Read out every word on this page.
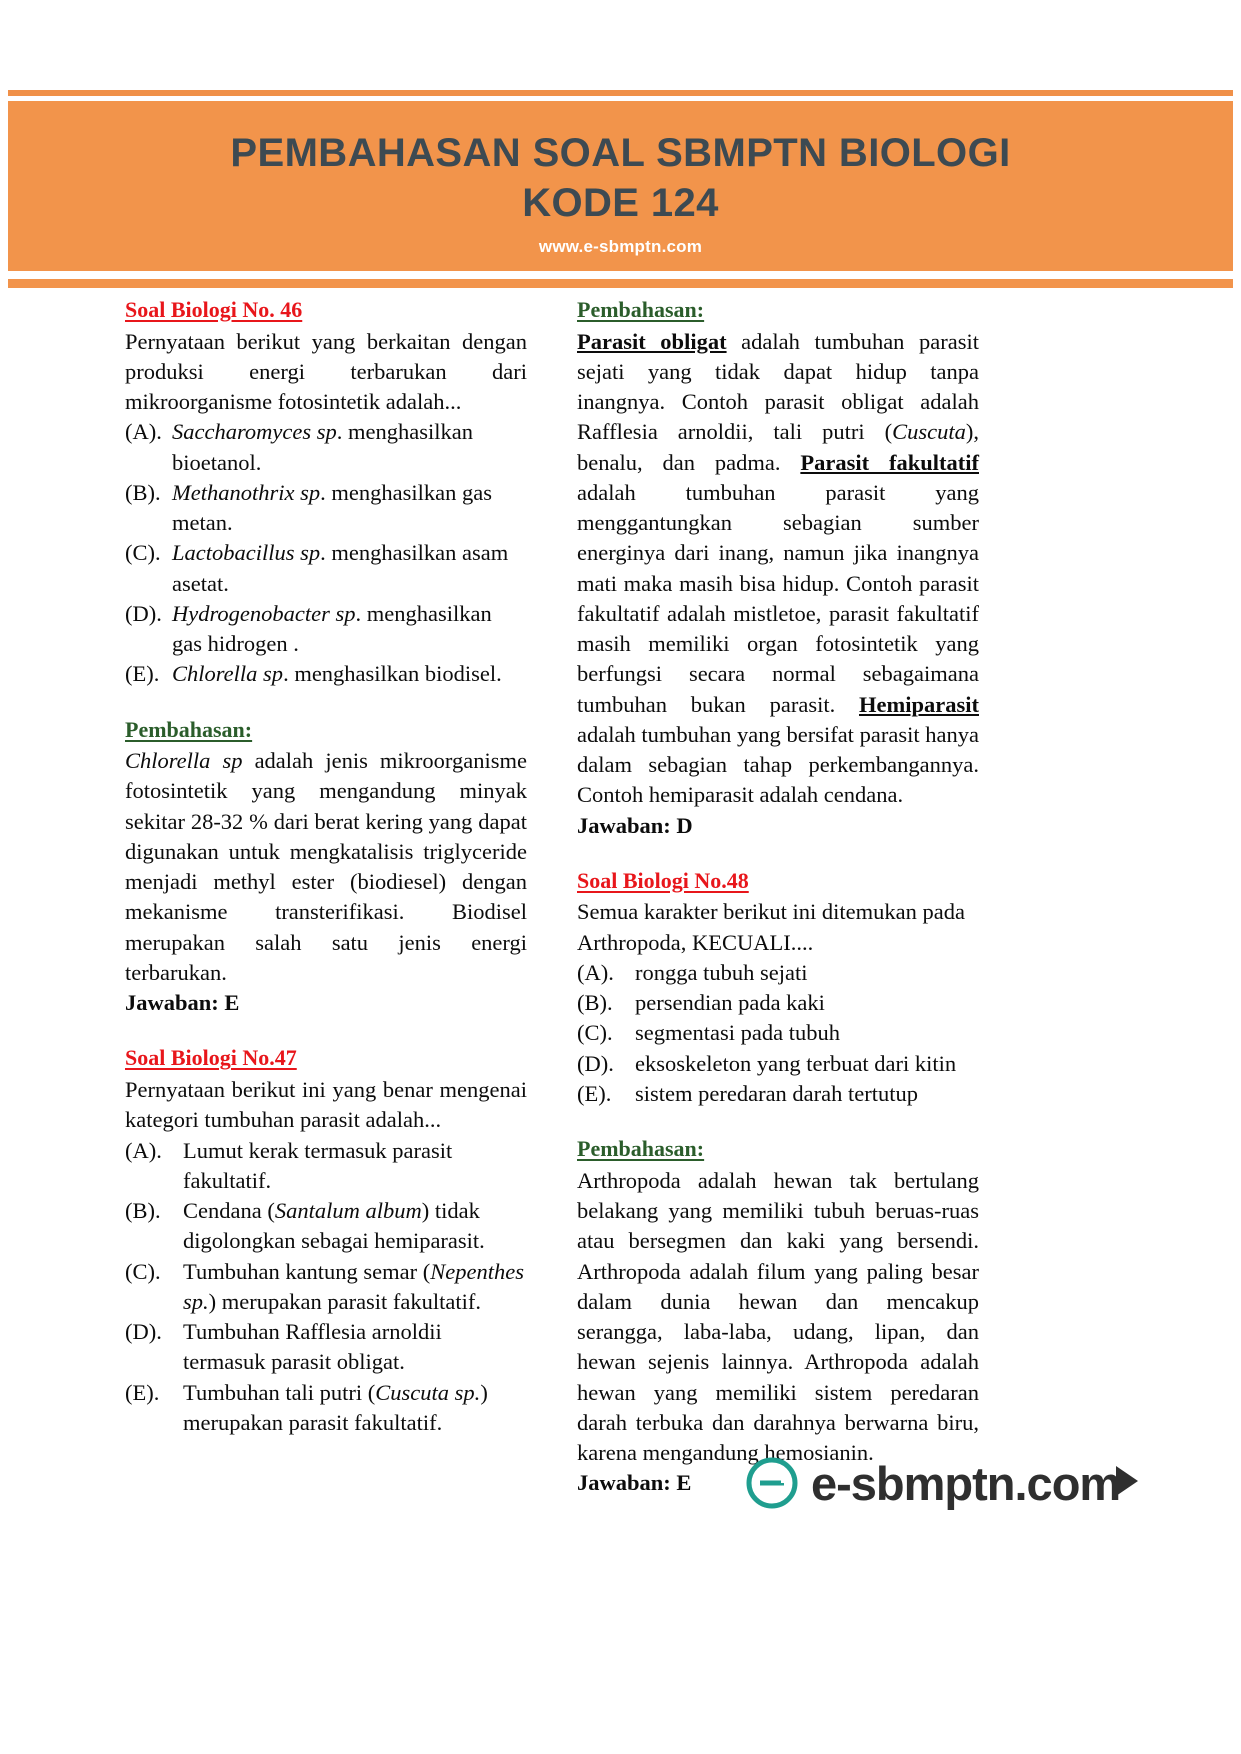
PEMBAHASAN SOAL SBMPTN BIOLOGI
KODE 124
www.e-sbmptn.com
Soal Biologi No. 46

Pernyataan berikut yang berkaitan dengan produksi energi terbarukan dari mikroorganisme fotosintetik adalah...

(A). Saccharomyces sp. menghasilkan bioetanol.
(B). Methanothrix sp. menghasilkan gas metan.
(C). Lactobacillus sp. menghasilkan asam asetat.
(D). Hydrogenobacter sp. menghasilkan gas hidrogen .
(E). Chlorella sp. menghasilkan biodisel.
Pembahasan:

Chlorella sp adalah jenis mikroorganisme fotosintetik yang mengandung minyak sekitar 28-32 % dari berat kering yang dapat digunakan untuk mengkatalisis triglyceride menjadi methyl ester (biodiesel) dengan mekanisme transterifikasi. Biodisel merupakan salah satu jenis energi terbarukan.

Jawaban: E

Soal Biologi No.47

Pernyataan berikut ini yang benar mengenai kategori tumbuhan parasit adalah...

(A). Lumut kerak termasuk parasit fakultatif.
(B). Cendana (Santalum album) tidak digolongkan sebagai hemiparasit.
(C). Tumbuhan kantung semar (Nepenthes sp.) merupakan parasit fakultatif.
(D). Tumbuhan Rafflesia arnoldii termasuk parasit obligat.
(E).	Tumbuhan tali putri (Cuscuta sp.) merupakan parasit fakultatif.
Pembahasan:

Parasit obligat adalah tumbuhan parasit sejati yang tidak dapat hidup tanpa inangnya. Contoh parasit obligat adalah Rafflesia arnoldii, tali putri (Cuscuta), benalu, dan padma. Parasit fakultatif adalah tumbuhan parasit yang menggantungkan sebagian sumber energinya dari inang, namun jika inangnya mati maka masih bisa hidup. Contoh parasit fakultatif adalah mistletoe, parasit fakultatif masih memiliki organ fotosintetik yang berfungsi secara normal sebagaimana tumbuhan bukan parasit. Hemiparasit adalah tumbuhan yang bersifat parasit hanya dalam sebagian tahap perkembangannya. Contoh hemiparasit adalah cendana.

Jawaban: D

Soal Biologi No.48

Semua karakter berikut ini ditemukan pada Arthropoda, KECUALI....

(A). rongga tubuh sejati
(B). persendian pada kaki
(C). segmentasi pada tubuh
(D). eksoskeleton yang terbuat dari kitin
(E).	sistem peredaran darah tertutup
Pembahasan:

Arthropoda adalah hewan tak bertulang belakang yang memiliki tubuh beruas-ruas atau bersegmen dan kaki yang bersendi. Arthropoda adalah filum yang paling besar dalam dunia hewan dan mencakup serangga, laba-laba, udang, lipan, dan hewan sejenis lainnya. Arthropoda adalah hewan yang memiliki sistem peredaran darah terbuka dan darahnya berwarna biru, karena mengandung hemosianin.

Jawaban: E	e-sbmptn.com
